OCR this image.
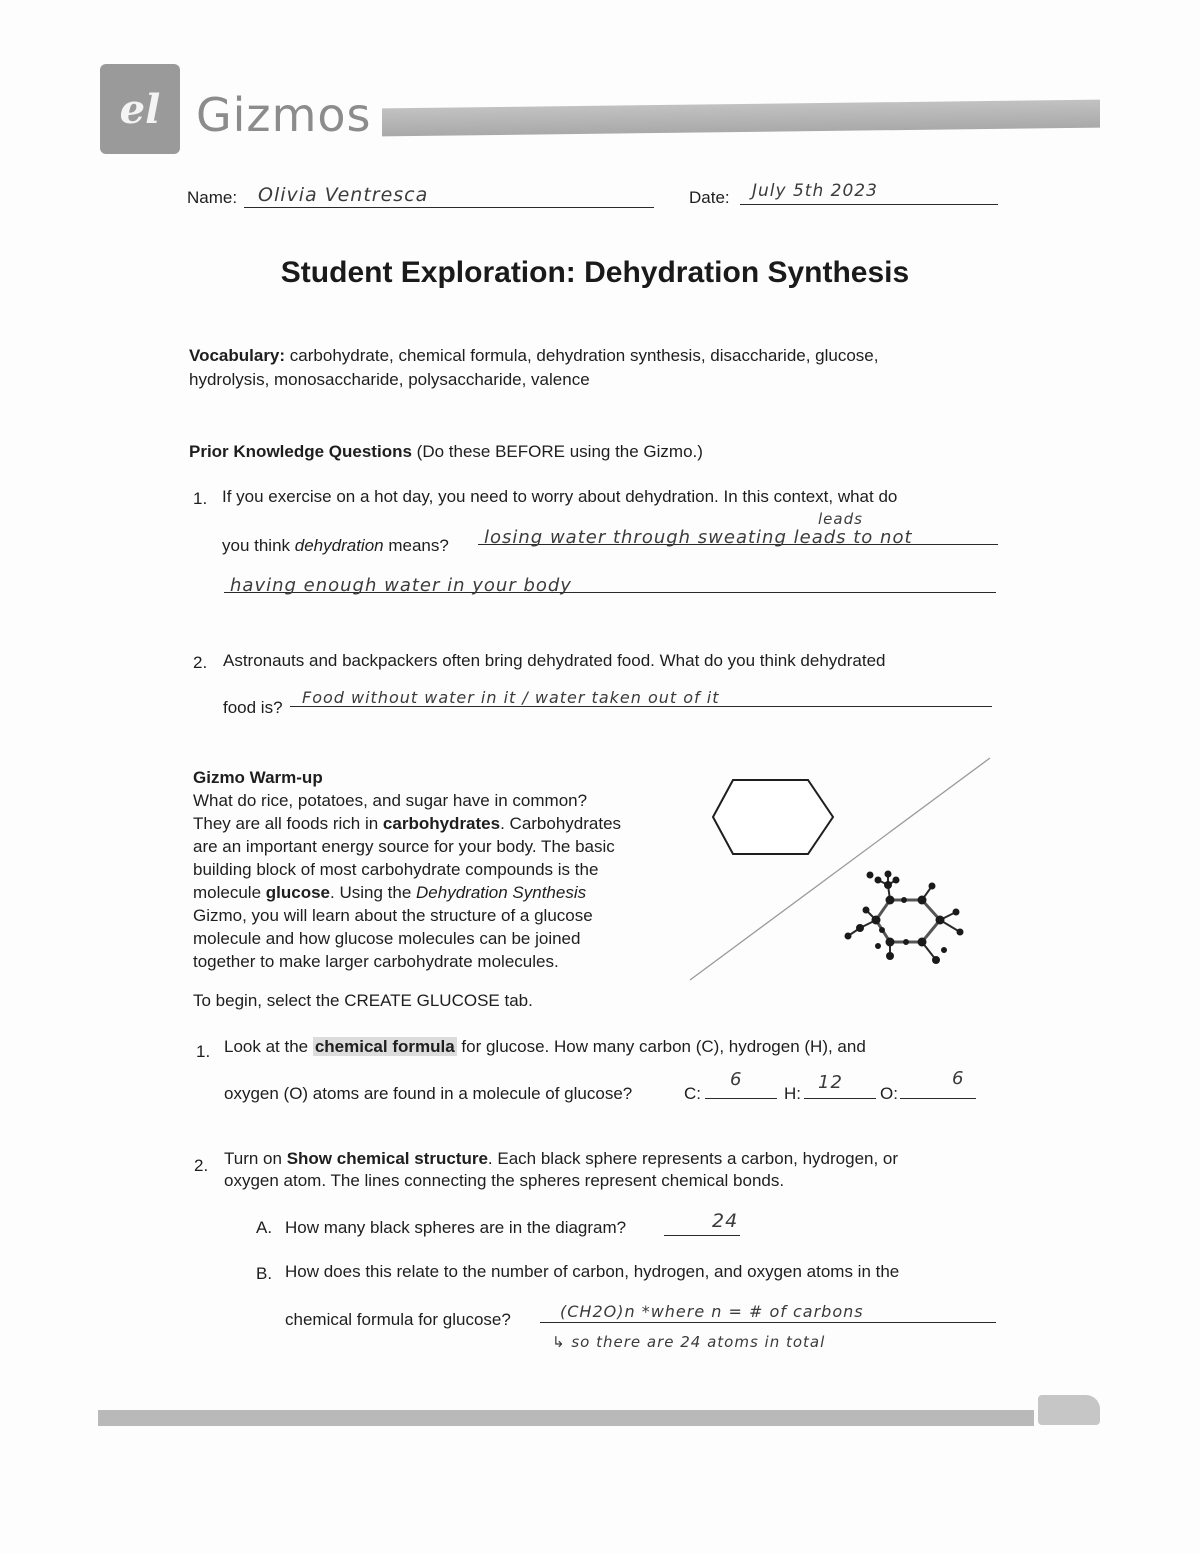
el Gizmos
Name: Olivia Ventresca	Date: July 5th 2023
Student Exploration: Dehydration Synthesis
Vocabulary: carbohydrate, chemical formula, dehydration synthesis, disaccharide, glucose,
hydrolysis, monosaccharide, polysaccharide, valence
Prior Knowledge Questions (Do these BEFORE using the Gizmo.)
1. If you exercise on a hot day, you need to worry about dehydration. In this context, what do
you think dehydration means?
leads
losing water through sweating leads to not
having enough water in your body
2. Astronauts and backpackers often bring dehydrated food. What do you think dehydrated
food is?
Food without water in it / water taken out of it

Gizmo Warm-up

What do rice, potatoes, and sugar have in common?

They are all foods rich in carbohydrates. Carbohydrates

are an important energy source for your body. The basic

building block of most carbohydrate compounds is the

molecule glucose. Using the Dehydration Synthesis

Gizmo, you will learn about the structure of a glucose

molecule and how glucose molecules can be joined

together to make larger carbohydrate molecules.

To begin, select the CREATE GLUCOSE tab.
1. Look at the chemical formula for glucose. How many carbon (C), hydrogen (H), and
oxygen (O) atoms are found in a molecule of glucose?	C:
6
H:
12
O:
6
2. Turn on Show chemical structure. Each black sphere represents a carbon, hydrogen, or
oxygen atom. The lines connecting the spheres represent chemical bonds.
A. How many black spheres are in the diagram?	24
B. How does this relate to the number of carbon, hydrogen, and oxygen atoms in the
chemical formula for glucose?	(CH2O)n *where n = # of carbons
↳ so there are 24 atoms in total
